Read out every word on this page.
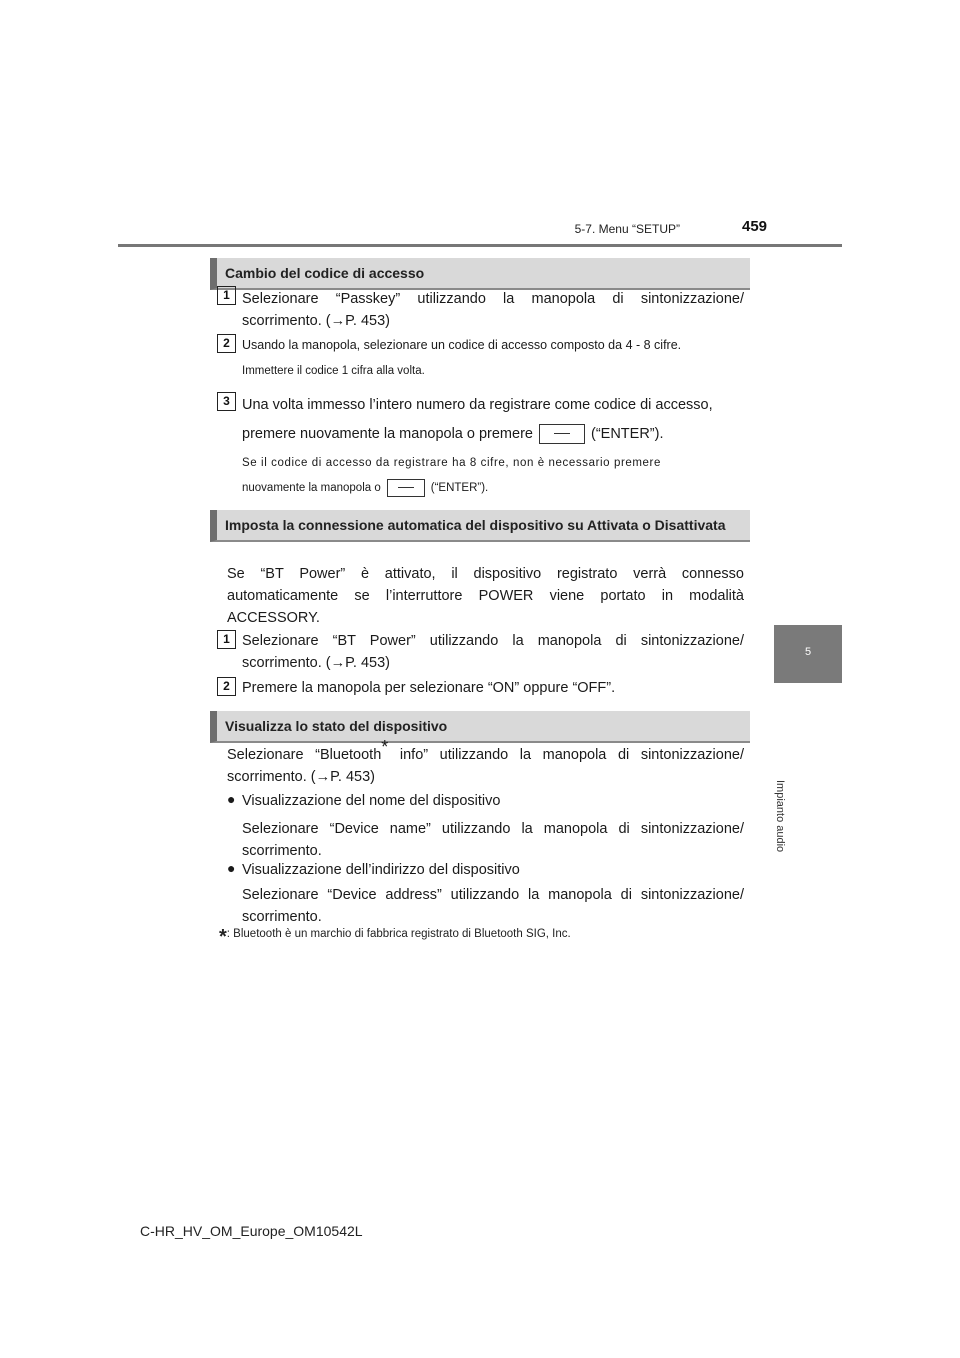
5-7. Menu “SETUP”	459
5
Impianto audio
Cambio del codice di accesso
1 Selezionare “Passkey” utilizzando la manopola di sintonizzazione/ scorrimento. (→P. 453)
2 Usando la manopola, selezionare un codice di accesso composto da 4 - 8 cifre.
Immettere il codice 1 cifra alla volta.
3 Una volta immesso l’intero numero da registrare come codice di accesso,
premere nuovamente la manopola o premere	(“ENTER”).
Se il codice di accesso da registrare ha 8 cifre, non è necessario premere
nuovamente la manopola o	(“ENTER”).
Imposta la connessione automatica del dispositivo su Attivata o Disattivata
Se “BT Power” è attivato, il dispositivo registrato verrà connesso automaticamente se l’interruttore POWER viene portato in modalità ACCESSORY.
1 Selezionare “BT Power” utilizzando la manopola di sintonizzazione/ scorrimento. (→P. 453)
2 Premere la manopola per selezionare “ON” oppure “OFF”.
Visualizza lo stato del dispositivo
Selezionare “Bluetooth* info” utilizzando la manopola di sintonizzazione/ scorrimento. (→P. 453)
● Visualizzazione del nome del dispositivo
Selezionare “Device name” utilizzando la manopola di sintonizzazione/ scorrimento.
● Visualizzazione dell’indirizzo del dispositivo
Selezionare “Device address” utilizzando la manopola di sintonizzazione/ scorrimento.
*: Bluetooth è un marchio di fabbrica registrato di Bluetooth SIG, Inc.
C-HR_HV_OM_Europe_OM10542L
